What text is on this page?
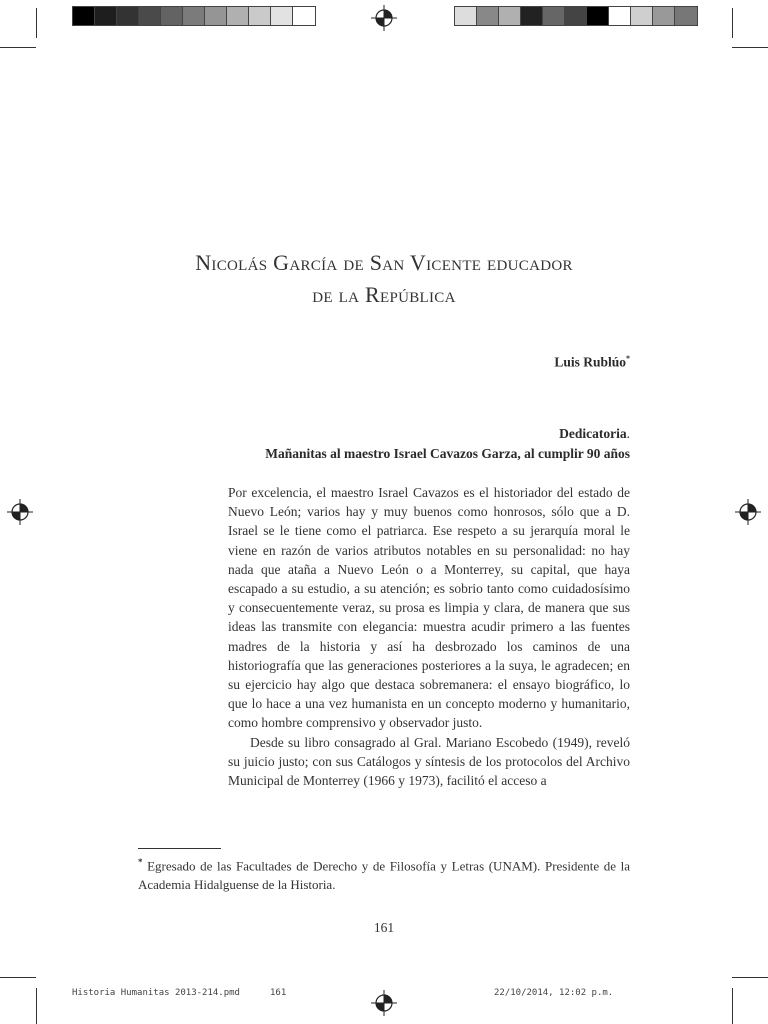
Nicolás García de San Vicente educador
de la República
Luis Rublúo*
Dedicatoria.
Mañanitas al maestro Israel Cavazos Garza, al cumplir 90 años

Por excelencia, el maestro Israel Cavazos es el historiador del estado de Nuevo León; varios hay y muy buenos como honrosos, sólo que a D. Israel se le tiene como el patriarca. Ese respeto a su jerarquía moral le viene en razón de varios atributos notables en su personalidad: no hay nada que ataña a Nuevo León o a Monterrey, su capital, que haya escapado a su estudio, a su atención; es sobrio tanto como cuidadosísimo y consecuentemente veraz, su prosa es limpia y clara, de manera que sus ideas las transmite con elegancia: muestra acudir primero a las fuentes madres de la historia y así ha desbrozado los caminos de una historiografía que las generaciones posteriores a la suya, le agradecen; en su ejercicio hay algo que destaca sobremanera: el ensayo biográfico, lo que lo hace a una vez humanista en un concepto moderno y humanitario, como hombre comprensivo y observador justo.

Desde su libro consagrado al Gral. Mariano Escobedo (1949), reveló su juicio justo; con sus Catálogos y síntesis de los protocolos del Archivo Municipal de Monterrey (1966 y 1973), facilitó el acceso a

* Egresado de las Facultades de Derecho y de Filosofía y Letras (UNAM). Presidente de la Academia Hidalguense de la Historia.
161
Historia Humanitas 2013-214.pmd	161	22/10/2014, 12:02 p.m.
